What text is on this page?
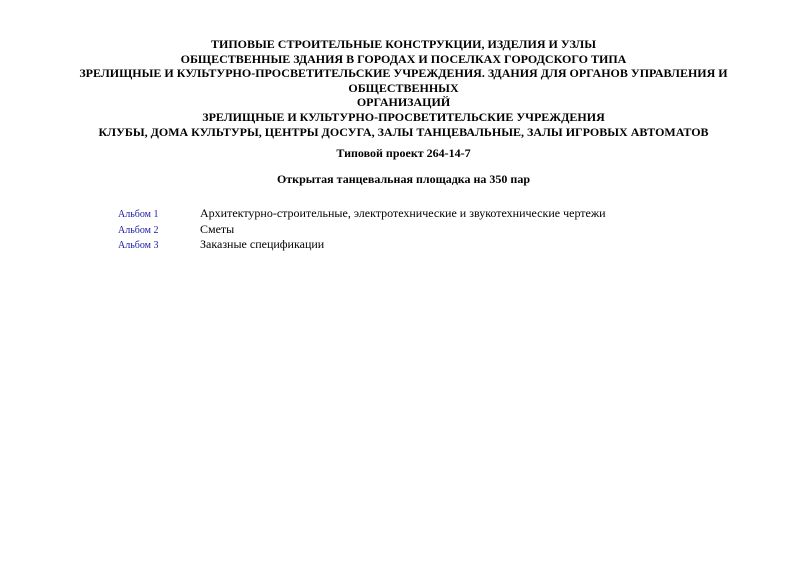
ТИПОВЫЕ СТРОИТЕЛЬНЫЕ КОНСТРУКЦИИ, ИЗДЕЛИЯ И УЗЛЫ
ОБЩЕСТВЕННЫЕ ЗДАНИЯ В ГОРОДАХ И ПОСЕЛКАХ ГОРОДСКОГО ТИПА
ЗРЕЛИЩНЫЕ И КУЛЬТУРНО-ПРОСВЕТИТЕЛЬСКИЕ УЧРЕЖДЕНИЯ. ЗДАНИЯ ДЛЯ ОРГАНОВ УПРАВЛЕНИЯ И ОБЩЕСТВЕННЫХ
ОРГАНИЗАЦИЙ
ЗРЕЛИЩНЫЕ И КУЛЬТУРНО-ПРОСВЕТИТЕЛЬСКИЕ УЧРЕЖДЕНИЯ
КЛУБЫ, ДОМА КУЛЬТУРЫ, ЦЕНТРЫ ДОСУГА, ЗАЛЫ ТАНЦЕВАЛЬНЫЕ, ЗАЛЫ ИГРОВЫХ АВТОМАТОВ
Типовой проект 264-14-7
Открытая танцевальная площадка на 350 пар
Альбом 1	Архитектурно-строительные, электротехнические и звукотехнические чертежи
Альбом 2	Сметы
Альбом 3	Заказные спецификации
